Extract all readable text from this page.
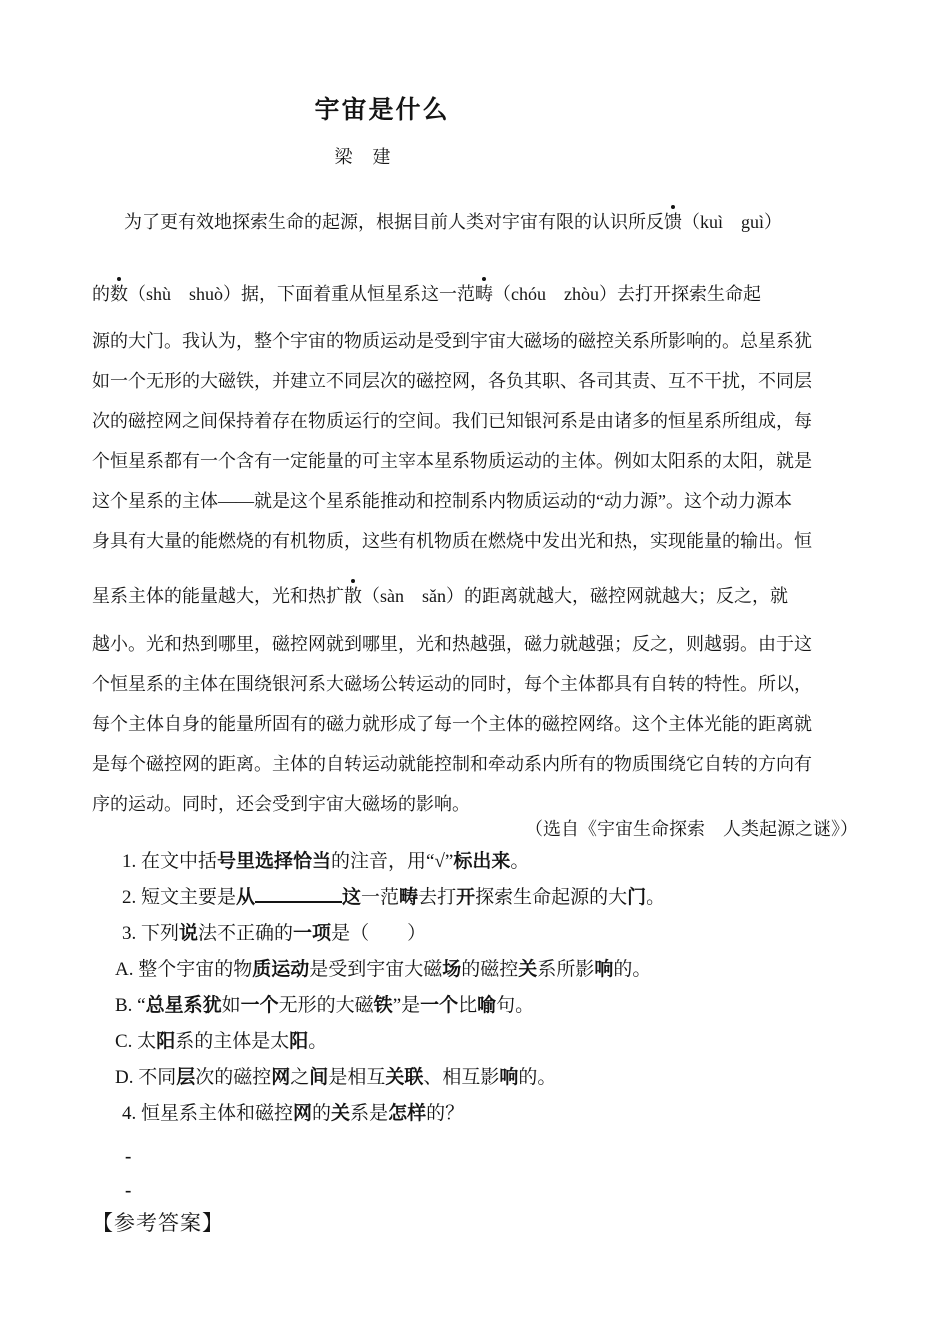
宇宙是什么
梁　建
为了更有效地探索生命的起源，根据目前人类对宇宙有限的认识所反馈（kuì　guì）
的数（shù　shuò）据，下面着重从恒星系这一范畴（chóu　zhòu）去打开探索生命起
源的大门。我认为，整个宇宙的物质运动是受到宇宙大磁场的磁控关系所影响的。总星系犹
如一个无形的大磁铁，并建立不同层次的磁控网，各负其职、各司其责、互不干扰，不同层
次的磁控网之间保持着存在物质运行的空间。我们已知银河系是由诸多的恒星系所组成，每
个恒星系都有一个含有一定能量的可主宰本星系物质运动的主体。例如太阳系的太阳，就是
这个星系的主体——就是这个星系能推动和控制系内物质运动的“动力源”。这个动力源本
身具有大量的能燃烧的有机物质，这些有机物质在燃烧中发出光和热，实现能量的输出。恒
星系主体的能量越大，光和热扩散（sàn　sǎn）的距离就越大，磁控网就越大；反之，就
越小。光和热到哪里，磁控网就到哪里，光和热越强，磁力就越强；反之，则越弱。由于这
个恒星系的主体在围绕银河系大磁场公转运动的同时，每个主体都具有自转的特性。所以，
每个主体自身的能量所固有的磁力就形成了每一个主体的磁控网络。这个主体光能的距离就
是每个磁控网的距离。主体的自转运动就能控制和牵动系内所有的物质围绕它自转的方向有
序的运动。同时，还会受到宇宙大磁场的影响。
（选自《宇宙生命探索　人类起源之谜》）
1. 在文中括号里选择恰当的注音，用“√”标出来。
2. 短文主要是从	这一范畴去打开探索生命起源的大门。
3. 下列说法不正确的一项是（　　）
A. 整个宇宙的物质运动是受到宇宙大磁场的磁控关系所影响的。
B. “总星系犹如一个无形的大磁铁”是一个比喻句。
C. 太阳系的主体是太阳。
D. 不同层次的磁控网之间是相互关联、相互影响的。
4. 恒星系主体和磁控网的关系是怎样的？
-
-
【参考答案】
